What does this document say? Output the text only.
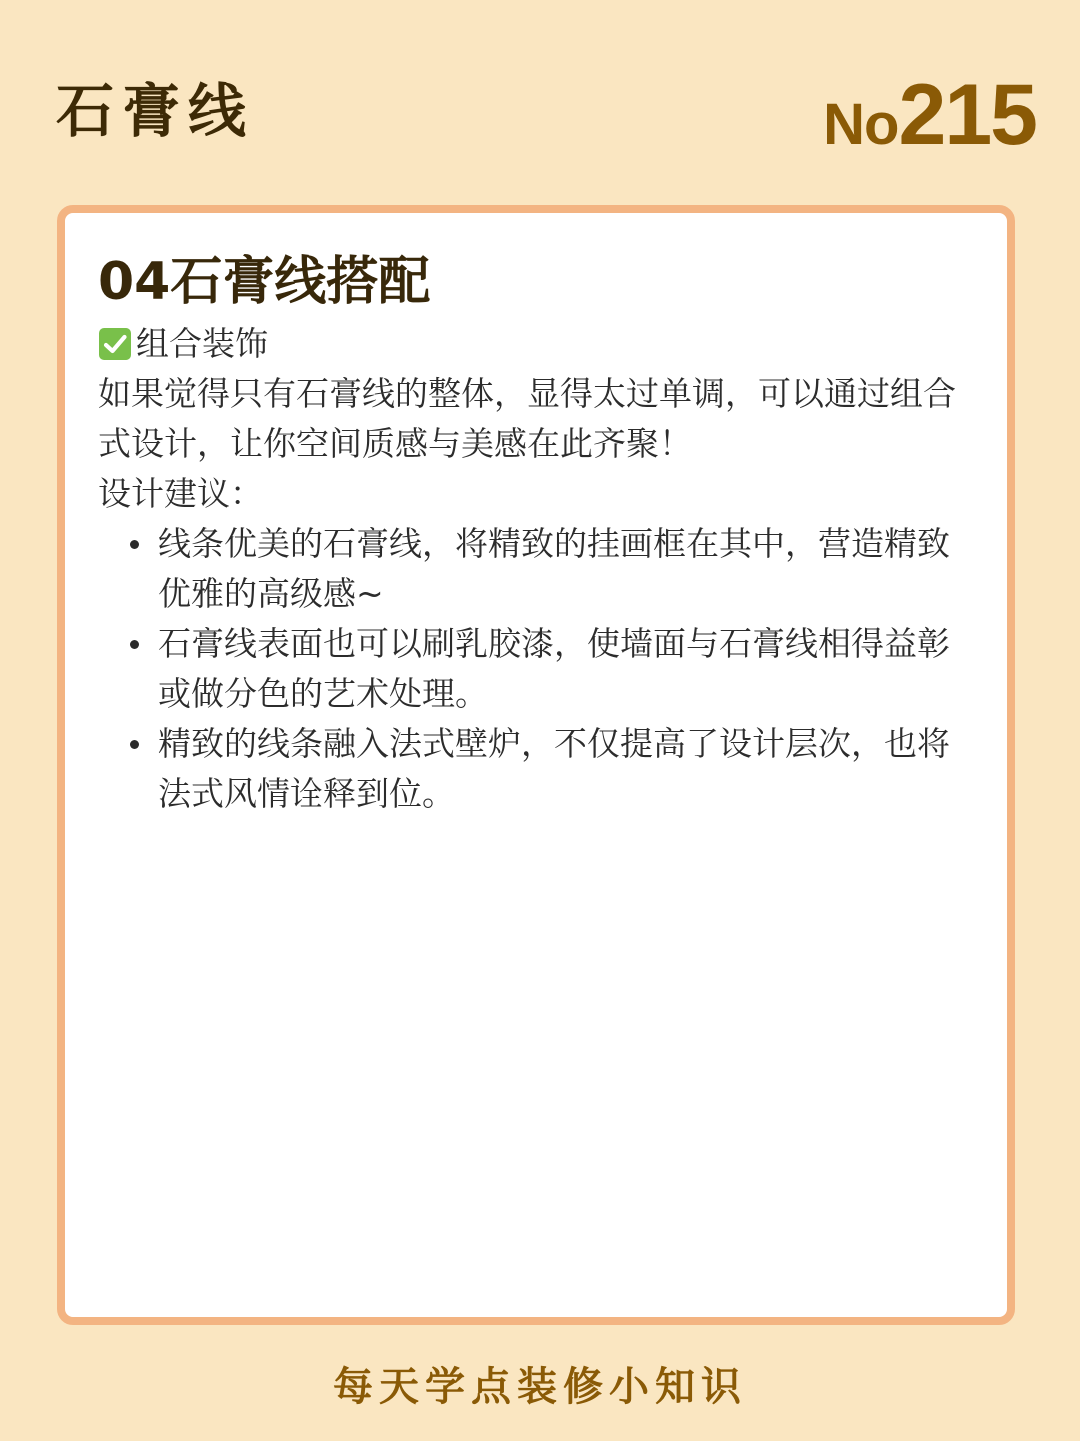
石膏线	No215
04石膏线搭配
组合装饰

如果觉得只有石膏线的整体，显得太过单调，可以通过组合式设计，让你空间质感与美感在此齐聚！

设计建议：
线条优美的石膏线，将精致的挂画框在其中，营造精致优雅的高级感~
石膏线表面也可以刷乳胶漆，使墙面与石膏线相得益彰或做分色的艺术处理。
精致的线条融入法式壁炉，不仅提高了设计层次，也将法式风情诠释到位。
每天学点装修小知识
